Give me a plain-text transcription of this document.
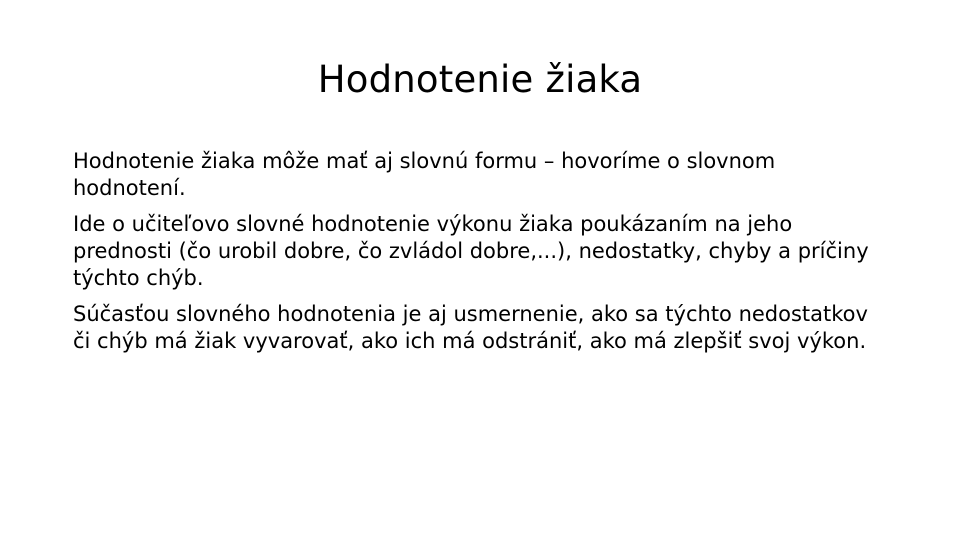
Hodnotenie žiaka

Hodnotenie žiaka môže mať aj slovnú formu – hovoríme o slovnom hodnotení.

Ide o učiteľovo slovné hodnotenie výkonu žiaka poukázaním na jeho prednosti (čo urobil dobre, čo zvládol dobre,...), nedostatky, chyby a príčiny týchto chýb.

Súčasťou slovného hodnotenia je aj usmernenie, ako sa týchto nedostatkov či chýb má žiak vyvarovať, ako ich má odstrániť, ako má zlepšiť svoj výkon.
